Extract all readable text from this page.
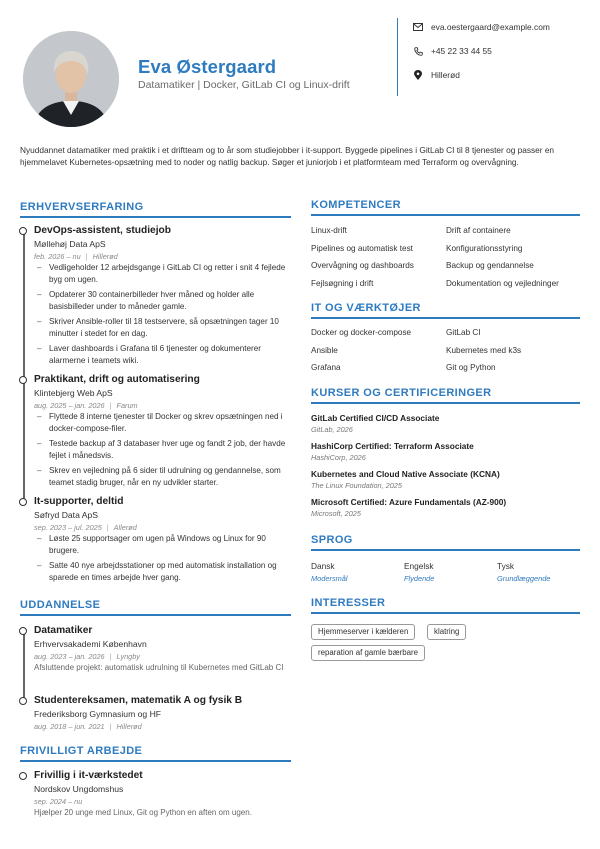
Eva Østergaard
Datamatiker | Docker, GitLab CI og Linux-drift
eva.oestergaard@example.com
+45 22 33 44 55
Hillerød
Nyuddannet datamatiker med praktik i et driftteam og to år som studiejobber i it-support. Byggede pipelines i GitLab CI til 8 tjenester og passer en hjemmelavet Kubernetes-opsætning med to noder og natlig backup. Søger et juniorjob i et platformteam med Terraform og overvågning.
ERHVERVSERFARING
DevOps-assistent, studiejob
Møllehøj Data ApS
feb. 2026 – nu | Hillerød
– Vedligeholder 12 arbejdsgange i GitLab CI og retter i snit 4 fejlede byg om ugen.
– Opdaterer 30 containerbilleder hver måned og holder alle basisbilleder under to måneder gamle.
– Skriver Ansible-roller til 18 testservere, så opsætningen tager 10 minutter i stedet for en dag.
– Laver dashboards i Grafana til 6 tjenester og dokumenterer alarmerne i teamets wiki.
Praktikant, drift og automatisering
Klintebjerg Web ApS
aug. 2025 – jan. 2026 | Farum
– Flyttede 8 interne tjenester til Docker og skrev opsætningen ned i docker-compose-filer.
– Testede backup af 3 databaser hver uge og fandt 2 job, der havde fejlet i månedsvis.
– Skrev en vejledning på 6 sider til udrulning og gendannelse, som teamet stadig bruger, når en ny udvikler starter.
It-supporter, deltid
Søfryd Data ApS
sep. 2023 – jul. 2025 | Allerød
– Løste 25 supportsager om ugen på Windows og Linux for 90 brugere.
– Satte 40 nye arbejdsstationer op med automatisk installation og sparede en times arbejde hver gang.
UDDANNELSE
Datamatiker
Erhvervsakademi København
aug. 2023 – jan. 2026 | Lyngby
Afsluttende projekt: automatisk udrulning til Kubernetes med GitLab CI
Studentereksamen, matematik A og fysik B
Frederiksborg Gymnasium og HF
aug. 2018 – jun. 2021 | Hillerød
FRIVILLIGT ARBEJDE
Frivillig i it-værkstedet
Nordskov Ungdomshus
sep. 2024 – nu
Hjælper 20 unge med Linux, Git og Python en aften om ugen.
KOMPETENCER
Linux-drift	Drift af containere
Pipelines og automatisk test	Konfigurationsstyring
Overvågning og dashboards	Backup og gendannelse
Fejlsøgning i drift	Dokumentation og vejledninger
IT OG VÆRKTØJER
Docker og docker-compose	GitLab CI
Ansible	Kubernetes med k3s
Grafana	Git og Python
KURSER OG CERTIFICERINGER
GitLab Certified CI/CD Associate
GitLab, 2026
HashiCorp Certified: Terraform Associate
HashiCorp, 2026
Kubernetes and Cloud Native Associate (KCNA)
The Linux Foundation, 2025
Microsoft Certified: Azure Fundamentals (AZ-900)
Microsoft, 2025
SPROG
Dansk
Modersmål
Engelsk
Flydende
Tysk
Grundlæggende
INTERESSER
Hjemmeserver i kælderen	klatring
reparation af gamle bærbare
